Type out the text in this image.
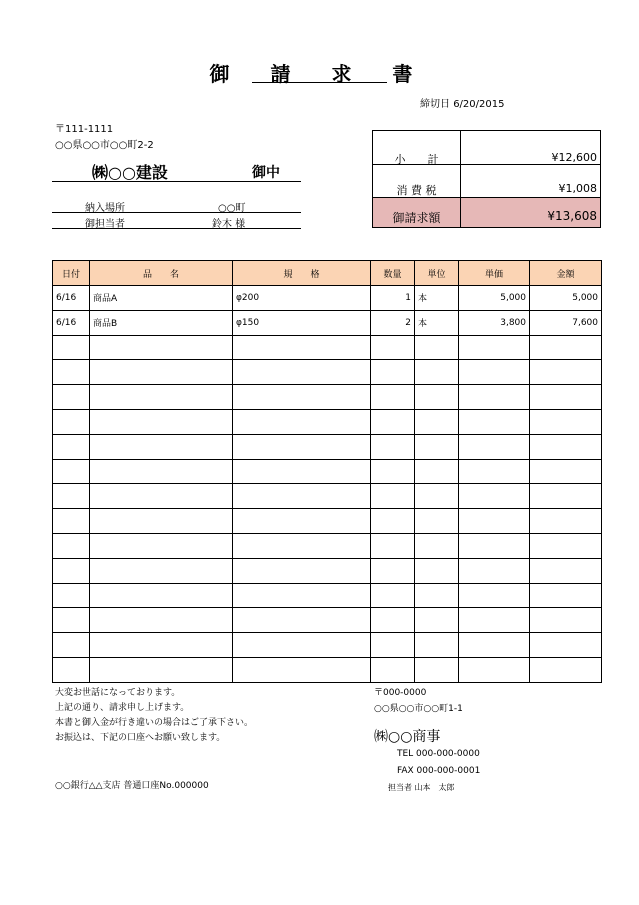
御 請 求 書
締切日 6/20/2015
〒111-1111
○○県○○市○○町2-2
㈱○○建設	御中
納入場所	○○町
御担当者	鈴木 様
小　　計	¥12,600
消 費 税	¥1,008
御請求額	¥13,608
日付	品　　名	規　　格	数量	単位	単価	金額
6/16	商品A	φ200	1	本	5,000	5,000
6/16	商品B	φ150	2	本	3,800	7,600

大変お世話になっております。
上記の通り、請求申し上げます。
本書と御入金が行き違いの場合はご了承下さい。
お振込は、下記の口座へお願い致します。
○○銀行△△支店 普通口座No.000000
〒000-0000
○○県○○市○○町1-1
㈱○○商事
TEL 000-000-0000
FAX 000-000-0001
担当者 山本　太郎
